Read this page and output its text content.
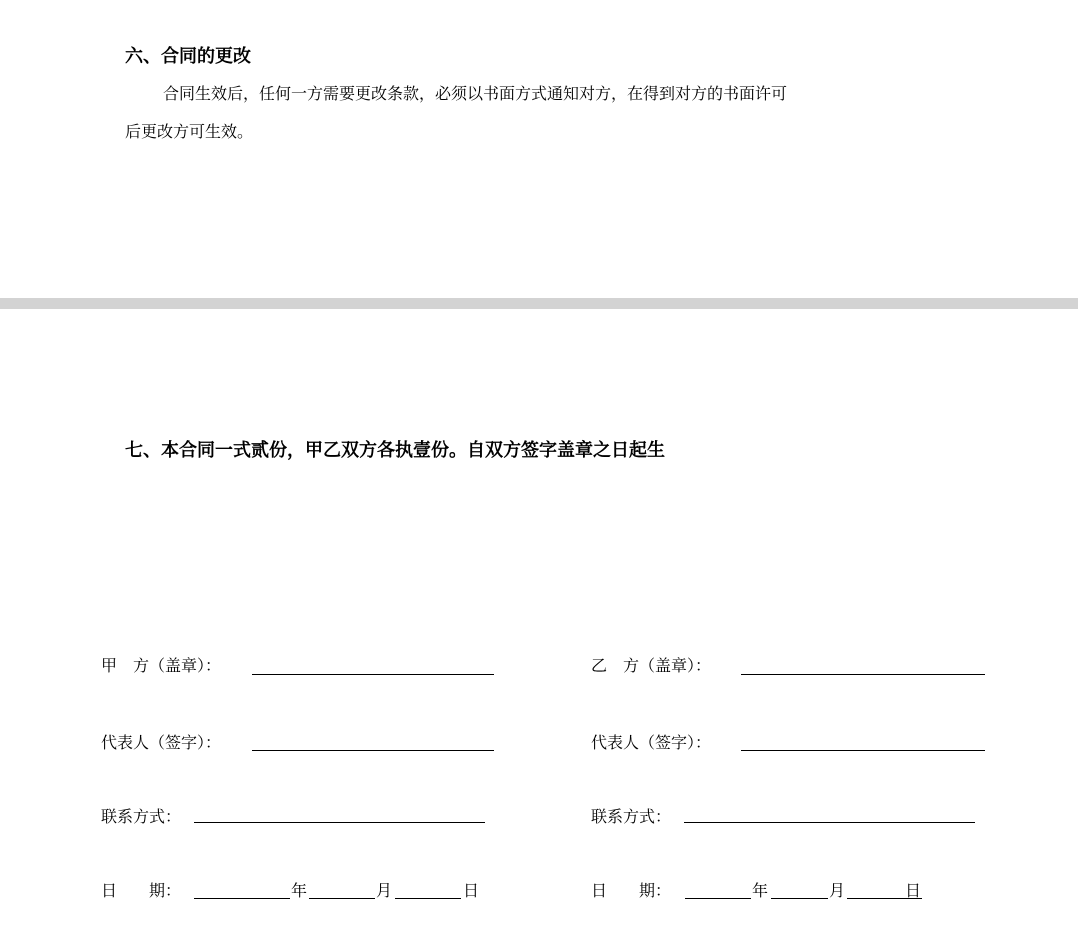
六、合同的更改
合同生效后，任何一方需要更改条款，必须以书面方式通知对方，在得到对方的书面许可
后更改方可生效。
七、本合同一式贰份，甲乙双方各执壹份。自双方签字盖章之日起生
甲　方（盖章）：
代表人（签字）：
联系方式：
日　　期：	年	月	日
乙　方（盖章）：
代表人（签字）：
联系方式：
日　　期：	年	月	日
